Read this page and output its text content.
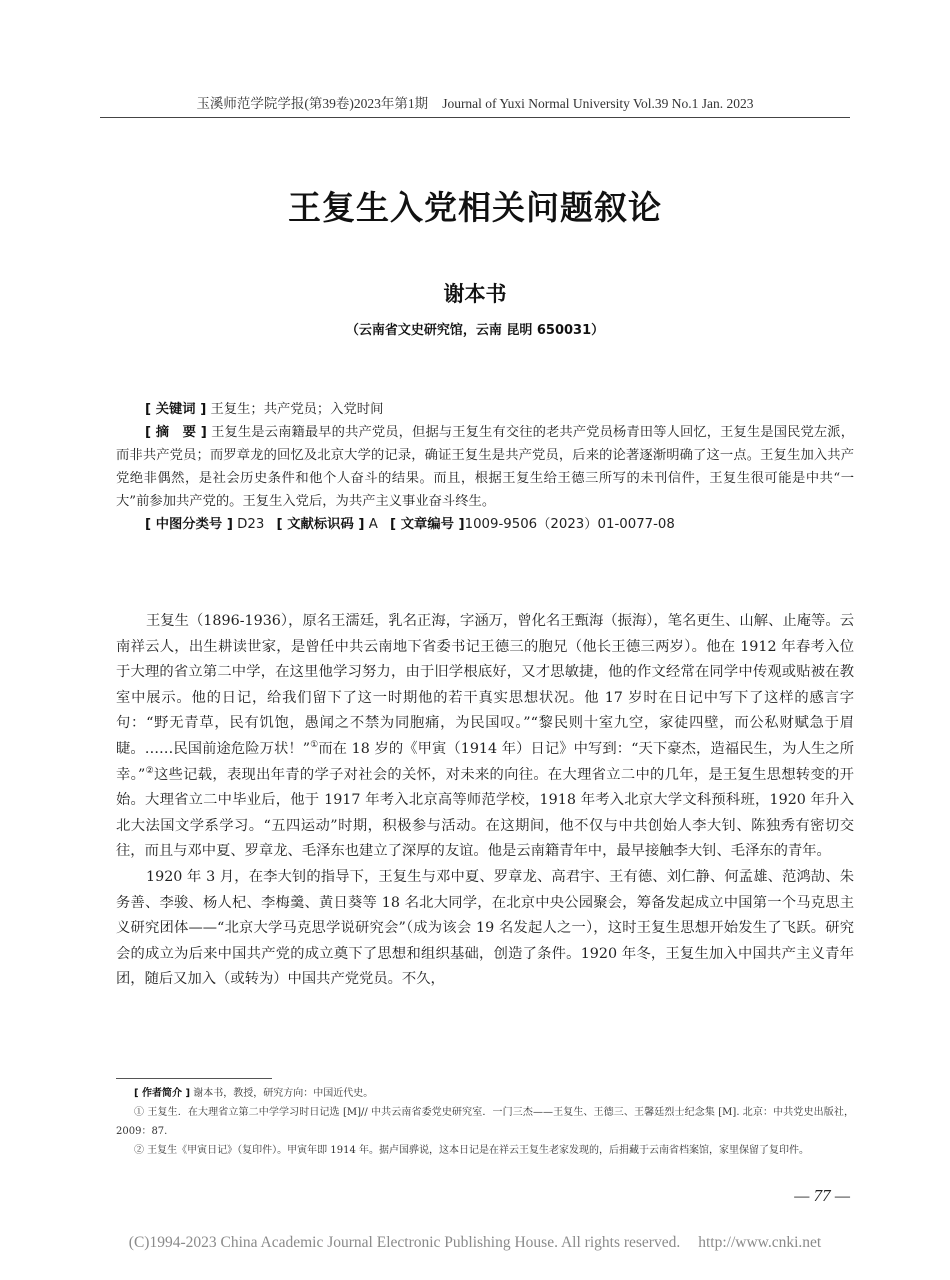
玉溪师范学院学报(第39卷)2023年第1期 Journal of Yuxi Normal University Vol.39 No.1 Jan. 2023
王复生入党相关问题叙论
谢本书
（云南省文史研究馆，云南 昆明 650031）

[ 关键词 ] 王复生；共产党员；入党时间

[ 摘　要 ] 王复生是云南籍最早的共产党员，但据与王复生有交往的老共产党员杨青田等人回忆，王复生是国民党左派，而非共产党员；而罗章龙的回忆及北京大学的记录，确证王复生是共产党员，后来的论著逐渐明确了这一点。王复生加入共产党绝非偶然，是社会历史条件和他个人奋斗的结果。而且，根据王复生给王德三所写的未刊信件，王复生很可能是中共“一大”前参加共产党的。王复生入党后，为共产主义事业奋斗终生。

[ 中图分类号 ] D23 [ 文献标识码 ] A [ 文章编号 ]1009-9506（2023）01-0077-08

王复生（1896-1936），原名王濡廷，乳名正海，字涵万，曾化名王甄海（振海），笔名更生、山解、止庵等。云南祥云人，出生耕读世家，是曾任中共云南地下省委书记王德三的胞兄（他长王德三两岁）。他在 1912 年春考入位于大理的省立第二中学，在这里他学习努力，由于旧学根底好，又才思敏捷，他的作文经常在同学中传观或贴被在教室中展示。他的日记，给我们留下了这一时期他的若干真实思想状况。他 17 岁时在日记中写下了这样的感言字句：“野无青草，民有饥饱，愚闻之不禁为同胞痛，为民国叹。”“黎民则十室九空，家徒四壁，而公私财赋急于眉睫。……民国前途危险万状！”①而在 18 岁的《甲寅（1914 年）日记》中写到：“天下豪杰，造福民生，为人生之所幸。”②这些记载，表现出年青的学子对社会的关怀，对未来的向往。在大理省立二中的几年，是王复生思想转变的开始。大理省立二中毕业后，他于 1917 年考入北京高等师范学校，1918 年考入北京大学文科预科班，1920 年升入北大法国文学系学习。“五四运动”时期，积极参与活动。在这期间，他不仅与中共创始人李大钊、陈独秀有密切交往，而且与邓中夏、罗章龙、毛泽东也建立了深厚的友谊。他是云南籍青年中，最早接触李大钊、毛泽东的青年。

1920 年 3 月，在李大钊的指导下，王复生与邓中夏、罗章龙、高君宇、王有德、刘仁静、何孟雄、范鸿劼、朱务善、李骏、杨人杞、李梅羹、黄日葵等 18 名北大同学，在北京中央公园聚会，筹备发起成立中国第一个马克思主义研究团体——“北京大学马克思学说研究会”（成为该会 19 名发起人之一），这时王复生思想开始发生了飞跃。研究会的成立为后来中国共产党的成立奠下了思想和组织基础，创造了条件。1920 年冬，王复生加入中国共产主义青年团，随后又加入（或转为）中国共产党党员。不久，

[ 作者简介 ] 谢本书，教授，研究方向：中国近代史。

① 王复生．在大理省立第二中学学习时日记选 [M]// 中共云南省委党史研究室．一门三杰——王复生、王德三、王馨廷烈士纪念集 [M]. 北京：中共党史出版社，2009：87.

② 王复生《甲寅日记》（复印件）。甲寅年即 1914 年。据卢国骅说，这本日记是在祥云王复生老家发现的，后捐藏于云南省档案馆，家里保留了复印件。

— 77 —
(C)1994-2023 China Academic Journal Electronic Publishing House. All rights reserved. http://www.cnki.net
